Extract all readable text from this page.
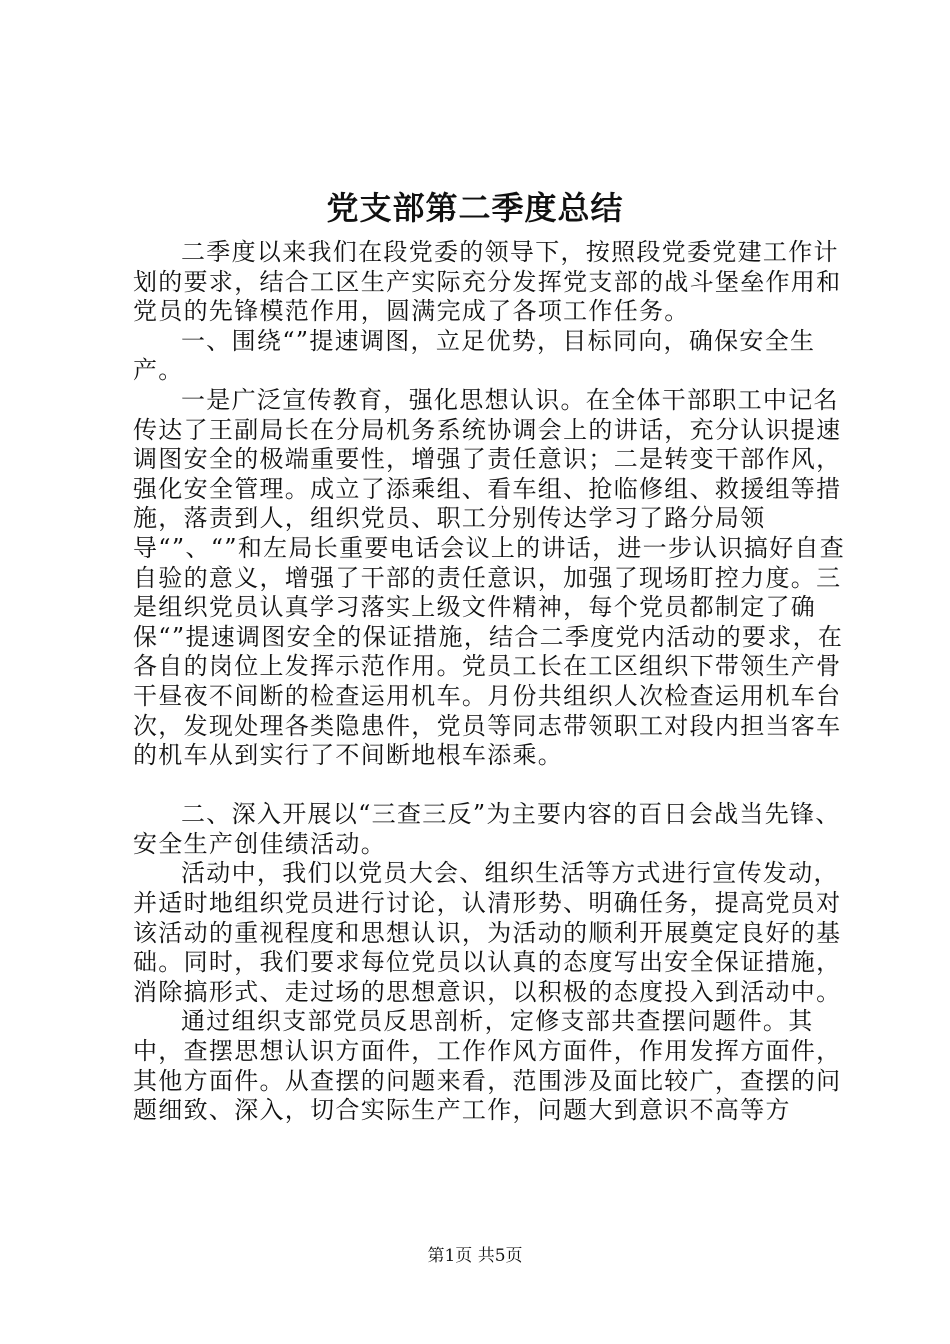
党支部第二季度总结

二季度以来我们在段党委的领导下，按照段党委党建工作计划的要求，结合工区生产实际充分发挥党支部的战斗堡垒作用和党员的先锋模范作用，圆满完成了各项工作任务。

一、围绕“”提速调图，立足优势，目标同向，确保安全生产。

一是广泛宣传教育，强化思想认识。在全体干部职工中记名传达了王副局长在分局机务系统协调会上的讲话，充分认识提速调图安全的极端重要性，增强了责任意识；二是转变干部作风，强化安全管理。成立了添乘组、看车组、抢临修组、救援组等措施，落责到人，组织党员、职工分别传达学习了路分局领导“”、“”和左局长重要电话会议上的讲话，进一步认识搞好自查自验的意义，增强了干部的责任意识，加强了现场盯控力度。三是组织党员认真学习落实上级文件精神，每个党员都制定了确保“”提速调图安全的保证措施，结合二季度党内活动的要求，在各自的岗位上发挥示范作用。党员工长在工区组织下带领生产骨干昼夜不间断的检查运用机车。月份共组织人次检查运用机车台次，发现处理各类隐患件，党员等同志带领职工对段内担当客车的机车从到实行了不间断地根车添乘。

二、深入开展以“三查三反”为主要内容的百日会战当先锋、安全生产创佳绩活动。

活动中，我们以党员大会、组织生活等方式进行宣传发动，并适时地组织党员进行讨论，认清形势、明确任务，提高党员对该活动的重视程度和思想认识，为活动的顺利开展奠定良好的基础。同时，我们要求每位党员以认真的态度写出安全保证措施，消除搞形式、走过场的思想意识，以积极的态度投入到活动中。

通过组织支部党员反思剖析，定修支部共查摆问题件。其中，查摆思想认识方面件，工作作风方面件，作用发挥方面件，其他方面件。从查摆的问题来看，范围涉及面比较广，查摆的问题细致、深入，切合实际生产工作，问题大到意识不高等方

第1页 共5页
